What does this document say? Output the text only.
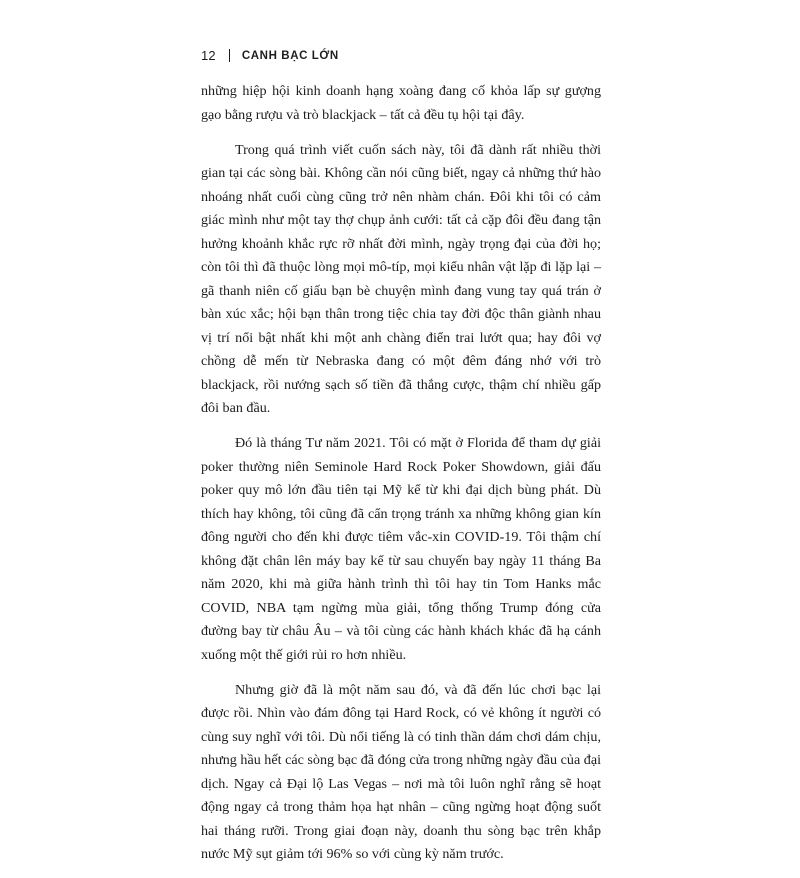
12 CANH BẠC LỚN

những hiệp hội kinh doanh hạng xoàng đang cố khỏa lấp sự gượng gạo bằng rượu và trò blackjack – tất cả đều tụ hội tại đây.

Trong quá trình viết cuốn sách này, tôi đã dành rất nhiều thời gian tại các sòng bài. Không cần nói cũng biết, ngay cả những thứ hào nhoáng nhất cuối cùng cũng trở nên nhàm chán. Đôi khi tôi có cảm giác mình như một tay thợ chụp ảnh cưới: tất cả cặp đôi đều đang tận hưởng khoảnh khắc rực rỡ nhất đời mình, ngày trọng đại của đời họ; còn tôi thì đã thuộc lòng mọi mô-típ, mọi kiểu nhân vật lặp đi lặp lại – gã thanh niên cố giấu bạn bè chuyện mình đang vung tay quá trán ở bàn xúc xắc; hội bạn thân trong tiệc chia tay đời độc thân giành nhau vị trí nổi bật nhất khi một anh chàng điển trai lướt qua; hay đôi vợ chồng dễ mến từ Nebraska đang có một đêm đáng nhớ với trò blackjack, rồi nướng sạch số tiền đã thắng cược, thậm chí nhiều gấp đôi ban đầu.

Đó là tháng Tư năm 2021. Tôi có mặt ở Florida để tham dự giải poker thường niên Seminole Hard Rock Poker Showdown, giải đấu poker quy mô lớn đầu tiên tại Mỹ kể từ khi đại dịch bùng phát. Dù thích hay không, tôi cũng đã cẩn trọng tránh xa những không gian kín đông người cho đến khi được tiêm vắc-xin COVID-19. Tôi thậm chí không đặt chân lên máy bay kể từ sau chuyến bay ngày 11 tháng Ba năm 2020, khi mà giữa hành trình thì tôi hay tin Tom Hanks mắc COVID, NBA tạm ngừng mùa giải, tổng thống Trump đóng cửa đường bay từ châu Âu – và tôi cùng các hành khách khác đã hạ cánh xuống một thế giới rủi ro hơn nhiều.

Nhưng giờ đã là một năm sau đó, và đã đến lúc chơi bạc lại được rồi. Nhìn vào đám đông tại Hard Rock, có vẻ không ít người có cùng suy nghĩ với tôi. Dù nổi tiếng là có tinh thần dám chơi dám chịu, nhưng hầu hết các sòng bạc đã đóng cửa trong những ngày đầu của đại dịch. Ngay cả Đại lộ Las Vegas – nơi mà tôi luôn nghĩ rằng sẽ hoạt động ngay cả trong thảm họa hạt nhân – cũng ngừng hoạt động suốt hai tháng rưỡi. Trong giai đoạn này, doanh thu sòng bạc trên khắp nước Mỹ sụt giảm tới 96% so với cùng kỳ năm trước.
